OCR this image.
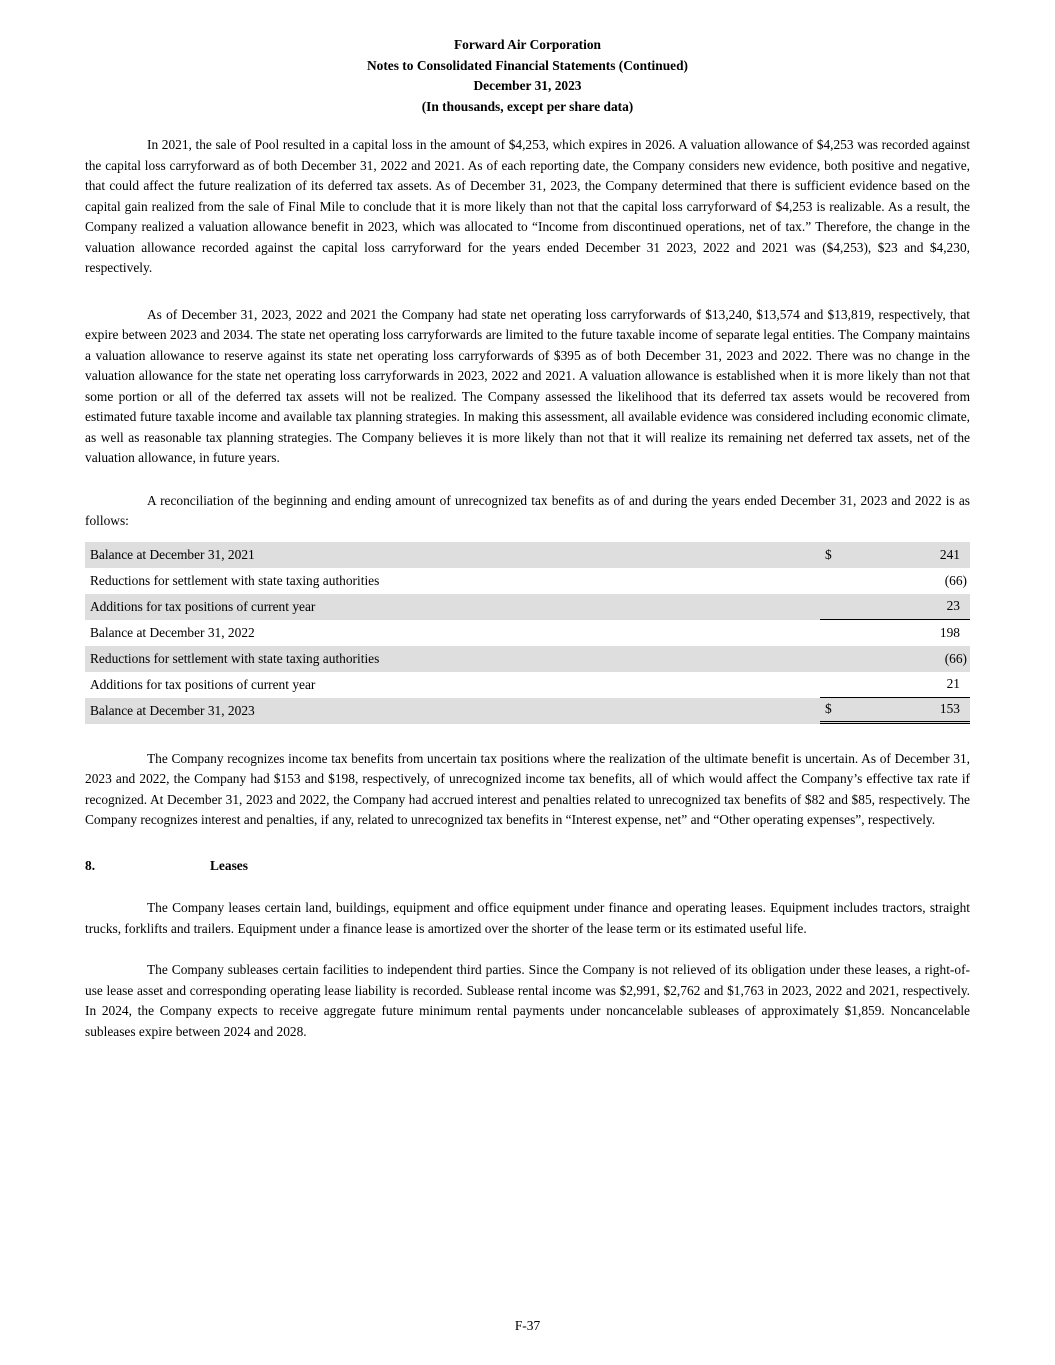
Forward Air Corporation
Notes to Consolidated Financial Statements (Continued)
December 31, 2023
(In thousands, except per share data)

In 2021, the sale of Pool resulted in a capital loss in the amount of $4,253, which expires in 2026. A valuation allowance of $4,253 was recorded against the capital loss carryforward as of both December 31, 2022 and 2021. As of each reporting date, the Company considers new evidence, both positive and negative, that could affect the future realization of its deferred tax assets. As of December 31, 2023, the Company determined that there is sufficient evidence based on the capital gain realized from the sale of Final Mile to conclude that it is more likely than not that the capital loss carryforward of $4,253 is realizable. As a result, the Company realized a valuation allowance benefit in 2023, which was allocated to “Income from discontinued operations, net of tax.” Therefore, the change in the valuation allowance recorded against the capital loss carryforward for the years ended December 31 2023, 2022 and 2021 was ($4,253), $23 and $4,230, respectively.

As of December 31, 2023, 2022 and 2021 the Company had state net operating loss carryforwards of $13,240, $13,574 and $13,819, respectively, that expire between 2023 and 2034. The state net operating loss carryforwards are limited to the future taxable income of separate legal entities. The Company maintains a valuation allowance to reserve against its state net operating loss carryforwards of $395 as of both December 31, 2023 and 2022. There was no change in the valuation allowance for the state net operating loss carryforwards in 2023, 2022 and 2021. A valuation allowance is established when it is more likely than not that some portion or all of the deferred tax assets will not be realized. The Company assessed the likelihood that its deferred tax assets would be recovered from estimated future taxable income and available tax planning strategies. In making this assessment, all available evidence was considered including economic climate, as well as reasonable tax planning strategies. The Company believes it is more likely than not that it will realize its remaining net deferred tax assets, net of the valuation allowance, in future years.

A reconciliation of the beginning and ending amount of unrecognized tax benefits as of and during the years ended December 31, 2023 and 2022 is as follows:

Balance at December 31, 2021	$	241
Reductions for settlement with state taxing authorities	(66)
Additions for tax positions of current year	23
Balance at December 31, 2022	198
Reductions for settlement with state taxing authorities	(66)
Additions for tax positions of current year	21
Balance at December 31, 2023	$	153

The Company recognizes income tax benefits from uncertain tax positions where the realization of the ultimate benefit is uncertain. As of December 31, 2023 and 2022, the Company had $153 and $198, respectively, of unrecognized income tax benefits, all of which would affect the Company’s effective tax rate if recognized. At December 31, 2023 and 2022, the Company had accrued interest and penalties related to unrecognized tax benefits of $82 and $85, respectively. The Company recognizes interest and penalties, if any, related to unrecognized tax benefits in “Interest expense, net” and “Other operating expenses”, respectively.

8.	Leases

The Company leases certain land, buildings, equipment and office equipment under finance and operating leases. Equipment includes tractors, straight trucks, forklifts and trailers. Equipment under a finance lease is amortized over the shorter of the lease term or its estimated useful life.

The Company subleases certain facilities to independent third parties. Since the Company is not relieved of its obligation under these leases, a right-of-use lease asset and corresponding operating lease liability is recorded. Sublease rental income was $2,991, $2,762 and $1,763 in 2023, 2022 and 2021, respectively. In 2024, the Company expects to receive aggregate future minimum rental payments under noncancelable subleases of approximately $1,859. Noncancelable subleases expire between 2024 and 2028.

F-37
